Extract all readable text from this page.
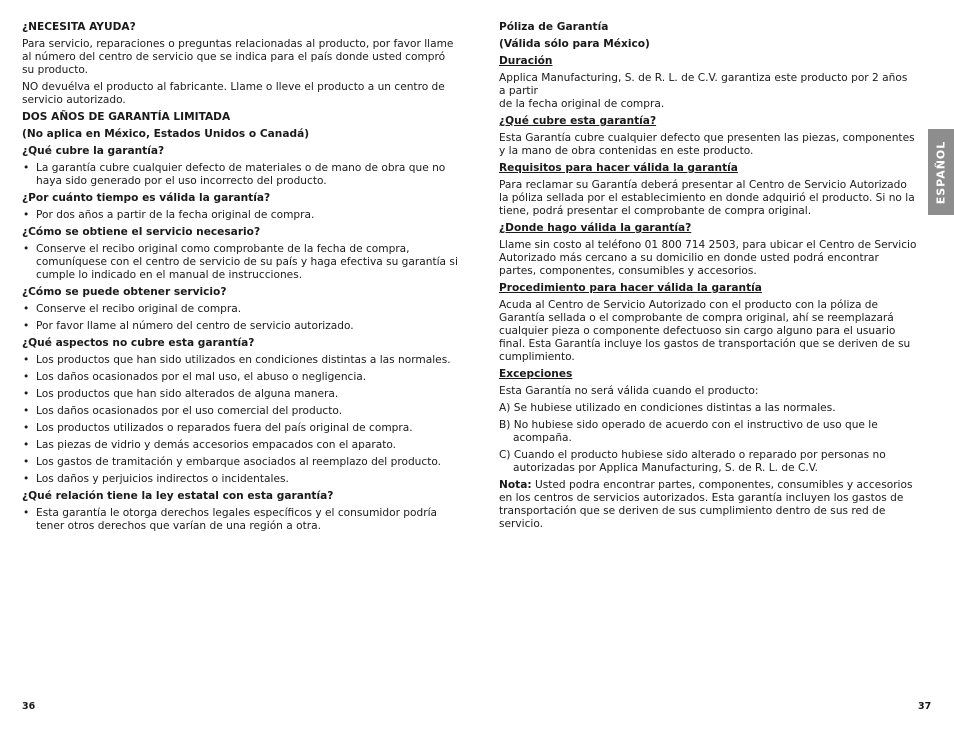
¿NECESITA AYUDA?

Para servicio, reparaciones o preguntas relacionadas al producto, por favor llame al número del centro de servicio que se indica para el país donde usted compró su producto.

NO devuélva el producto al fabricante. Llame o lleve el producto a un centro de servicio autorizado.

DOS AÑOS DE GARANTÍA LIMITADA
(No aplica en México, Estados Unidos o Canadá)
¿Qué cubre la garantía?
• La garantía cubre cualquier defecto de materiales o de mano de obra que no haya sido generado por el uso incorrecto del producto.
¿Por cuánto tiempo es válida la garantía?
• Por dos años a partir de la fecha original de compra.
¿Cómo se obtiene el servicio necesario?
• Conserve el recibo original como comprobante de la fecha de compra, comuníquese con el centro de servicio de su país y haga efectiva su garantía si cumple lo indicado en el manual de instrucciones.
¿Cómo se puede obtener servicio?
• Conserve el recibo original de compra.
• Por favor llame al número del centro de servicio autorizado.
¿Qué aspectos no cubre esta garantía?
• Los productos que han sido utilizados en condiciones distintas a las normales.
• Los daños ocasionados por el mal uso, el abuso o negligencia.
• Los productos que han sido alterados de alguna manera.
• Los daños ocasionados por el uso comercial del producto.
• Los productos utilizados o reparados fuera del país original de compra.
• Las piezas de vidrio y demás accesorios empacados con el aparato.
• Los gastos de tramitación y embarque asociados al reemplazo del producto.
• Los daños y perjuicios indirectos o incidentales.
¿Qué relación tiene la ley estatal con esta garantía?
• Esta garantía le otorga derechos legales específicos y el consumidor podría tener otros derechos que varían de una región a otra.
Póliza de Garantía
(Válida sólo para México)
Duración

Applica Manufacturing, S. de R. L. de C.V. garantiza este producto por 2 años a partir
de la fecha original de compra.

¿Qué cubre esta garantía?

Esta Garantía cubre cualquier defecto que presenten las piezas, componentes y la mano de obra contenidas en este producto.

Requisitos para hacer válida la garantía

Para reclamar su Garantía deberá presentar al Centro de Servicio Autorizado la póliza sellada por el establecimiento en donde adquirió el producto. Si no la tiene, podrá presentar el comprobante de compra original.

¿Donde hago válida la garantía?

Llame sin costo al teléfono 01 800 714 2503, para ubicar el Centro de Servicio Autorizado más cercano a su domicilio en donde usted podrá encontrar partes, componentes, consumibles y accesorios.

Procedimiento para hacer válida la garantía

Acuda al Centro de Servicio Autorizado con el producto con la póliza de Garantía sellada o el comprobante de compra original, ahí se reemplazará cualquier pieza o componente defectuoso sin cargo alguno para el usuario final. Esta Garantía incluye los gastos de transportación que se deriven de su cumplimiento.

Excepciones

Esta Garantía no será válida cuando el producto:

A) Se hubiese utilizado en condiciones distintas a las normales.

B) No hubiese sido operado de acuerdo con el instructivo de uso que le acompaña.

C) Cuando el producto hubiese sido alterado o reparado por personas no autorizadas por Applica Manufacturing, S. de R. L. de C.V.

Nota: Usted podra encontrar partes, componentes, consumibles y accesorios en los centros de servicios autorizados. Esta garantía incluyen los gastos de transportación que se deriven de sus cumplimiento dentro de sus red de servicio.

ESPAÑOL
36	37
